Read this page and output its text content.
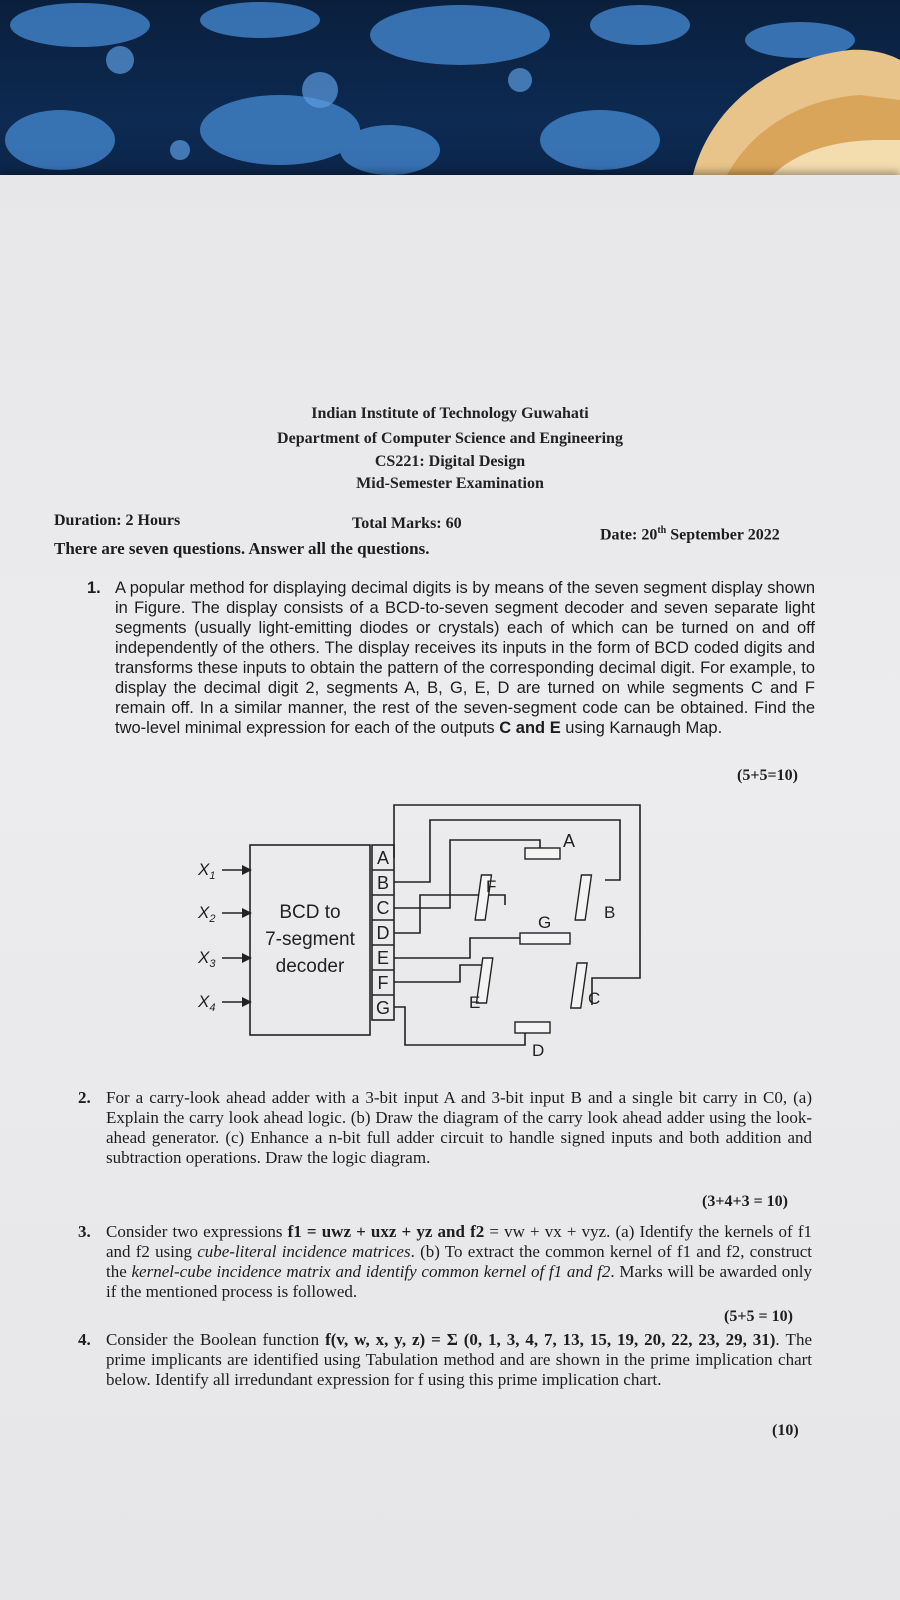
Indian Institute of Technology Guwahati
Department of Computer Science and Engineering
CS221: Digital Design
Mid-Semester Examination
Duration: 2 Hours	Total Marks: 60
Date: 20th September 2022
There are seven questions. Answer all the questions.
1. A popular method for displaying decimal digits is by means of the seven segment display shown in Figure. The display consists of a BCD-to-seven segment decoder and seven separate light segments (usually light-emitting diodes or crystals) each of which can be turned on and off independently of the others. The display receives its inputs in the form of BCD coded digits and transforms these inputs to obtain the pattern of the corresponding decimal digit. For example, to display the decimal digit 2, segments A, B, G, E, D are turned on while segments C and F remain off. In a similar manner, the rest of the seven-segment code can be obtained. Find the two-level minimal expression for each of the outputs C and E using Karnaugh Map.
(5+5=10)
BCD to
7-segment
decoder
A
B
C
D
E
F
G
A
F
B
G
E	C
D
$X_1$
$X_2$
$X_3$
$X_4$
2. For a carry-look ahead adder with a 3-bit input A and 3-bit input B and a single bit carry in C0, (a) Explain the carry look ahead logic. (b) Draw the diagram of the carry look ahead adder using the look-ahead generator. (c) Enhance a n-bit full adder circuit to handle signed inputs and both addition and subtraction operations. Draw the logic diagram.
(3+4+3 = 10)
3. Consider two expressions f1 = uwz + uxz + yz and f2 = vw + vx + vyz. (a) Identify the kernels of f1 and f2 using cube-literal incidence matrices. (b) To extract the common kernel of f1 and f2, construct the kernel-cube incidence matrix and identify common kernel of f1 and f2. Marks will be awarded only if the mentioned process is followed.
(5+5 = 10)
4. Consider the Boolean function f(v, w, x, y, z) = Σ (0, 1, 3, 4, 7, 13, 15, 19, 20, 22, 23, 29, 31). The prime implicants are identified using Tabulation method and are shown in the prime implication chart below. Identify all irredundant expression for f using this prime implication chart.
(10)
